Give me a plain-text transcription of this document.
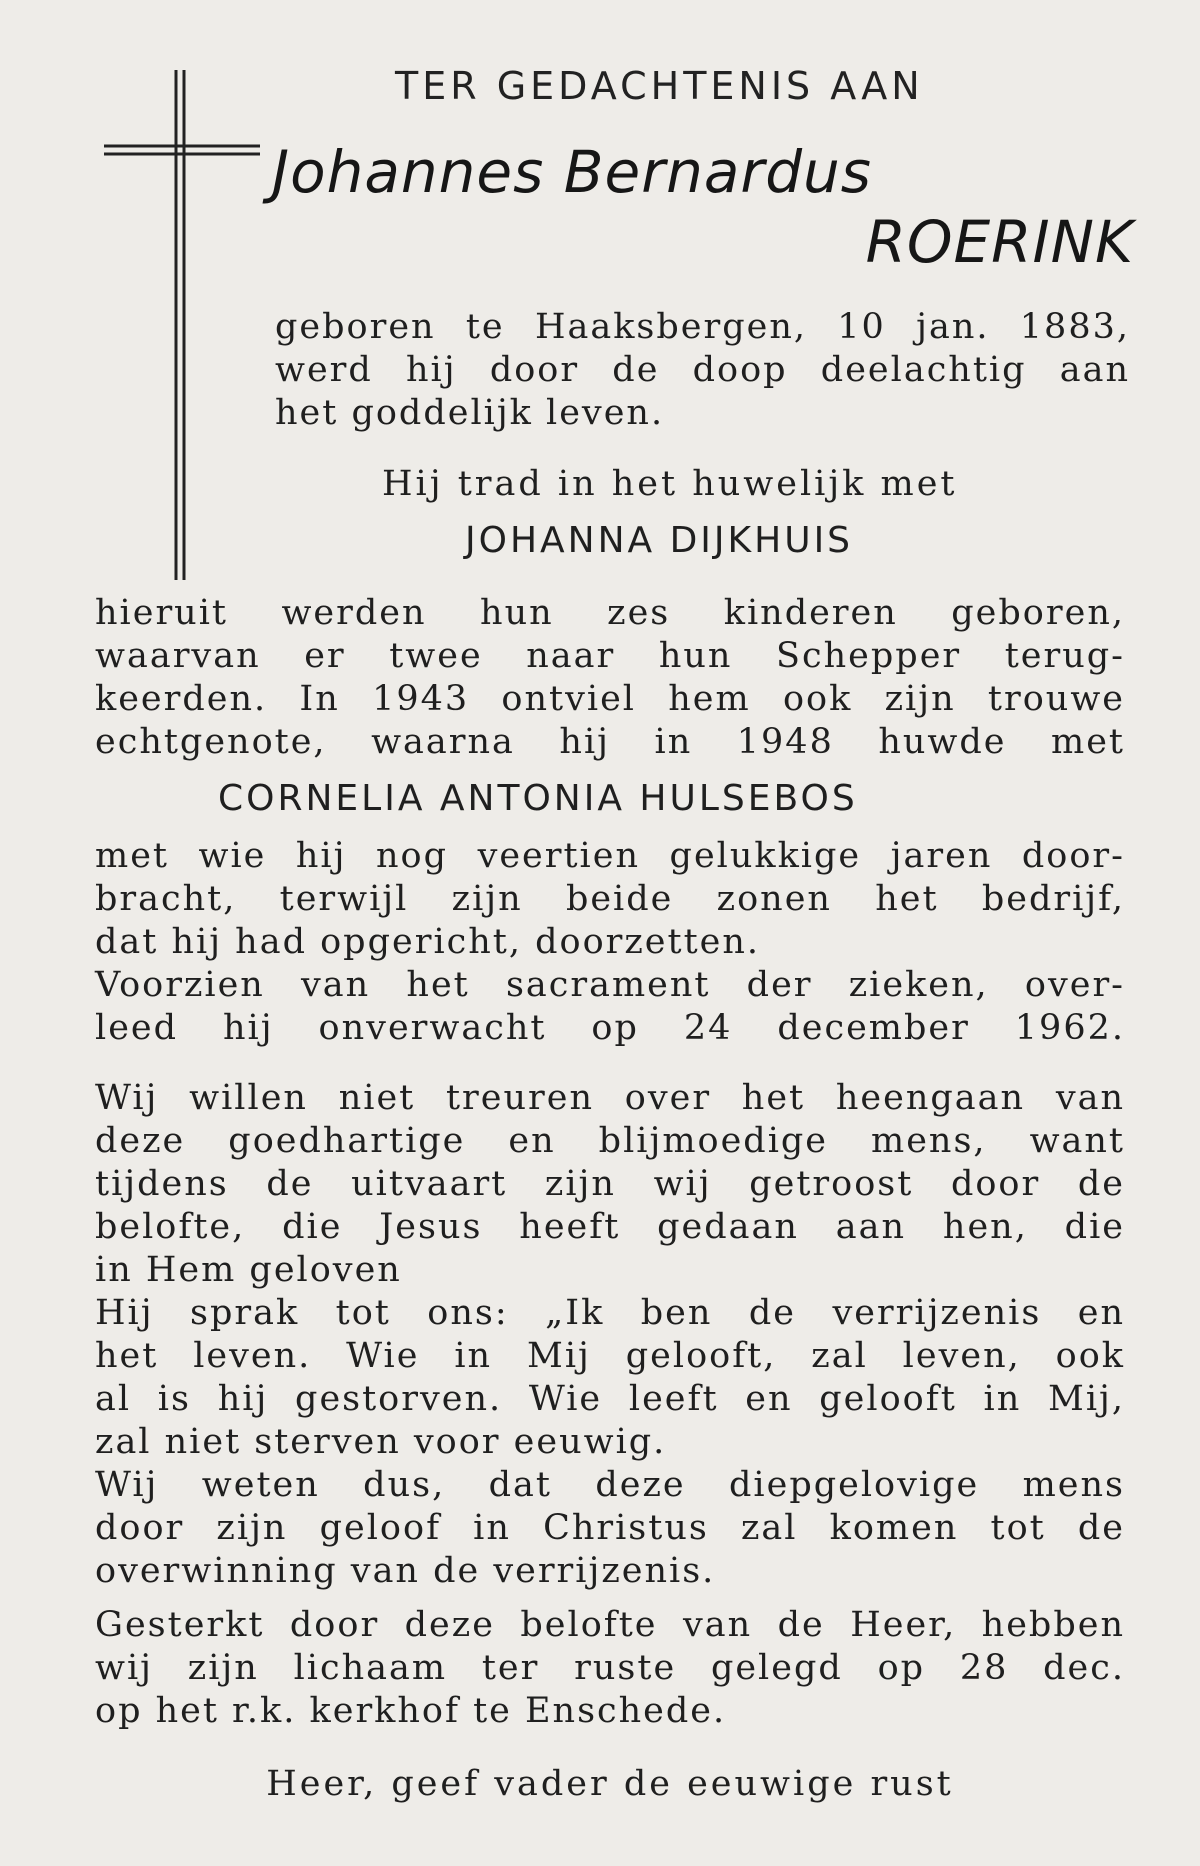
TER GEDACHTENIS AAN
Johannes Bernardus
ROERINK
geboren te Haaksbergen, 10 jan. 1883,
werd hij door de doop deelachtig aan
het goddelijk leven.
Hij trad in het huwelijk met
JOHANNA DIJKHUIS
hieruit werden hun zes kinderen geboren,
waarvan er twee naar hun Schepper terug-
keerden. In 1943 ontviel hem ook zijn trouwe
echtgenote, waarna hij in 1948 huwde met
CORNELIA ANTONIA HULSEBOS
met wie hij nog veertien gelukkige jaren door-
bracht, terwijl zijn beide zonen het bedrijf,
dat hij had opgericht, doorzetten.
Voorzien van het sacrament der zieken, over-
leed hij onverwacht op 24 december 1962.
Wij willen niet treuren over het heengaan van
deze goedhartige en blijmoedige mens, want
tijdens de uitvaart zijn wij getroost door de
belofte, die Jesus heeft gedaan aan hen, die
in Hem geloven
Hij sprak tot ons: „Ik ben de verrijzenis en
het leven. Wie in Mij gelooft, zal leven, ook
al is hij gestorven. Wie leeft en gelooft in Mij,
zal niet sterven voor eeuwig.
Wij weten dus, dat deze diepgelovige mens
door zijn geloof in Christus zal komen tot de
overwinning van de verrijzenis.
Gesterkt door deze belofte van de Heer, hebben
wij zijn lichaam ter ruste gelegd op 28 dec.
op het r.k. kerkhof te Enschede.
Heer, geef vader de eeuwige rust
